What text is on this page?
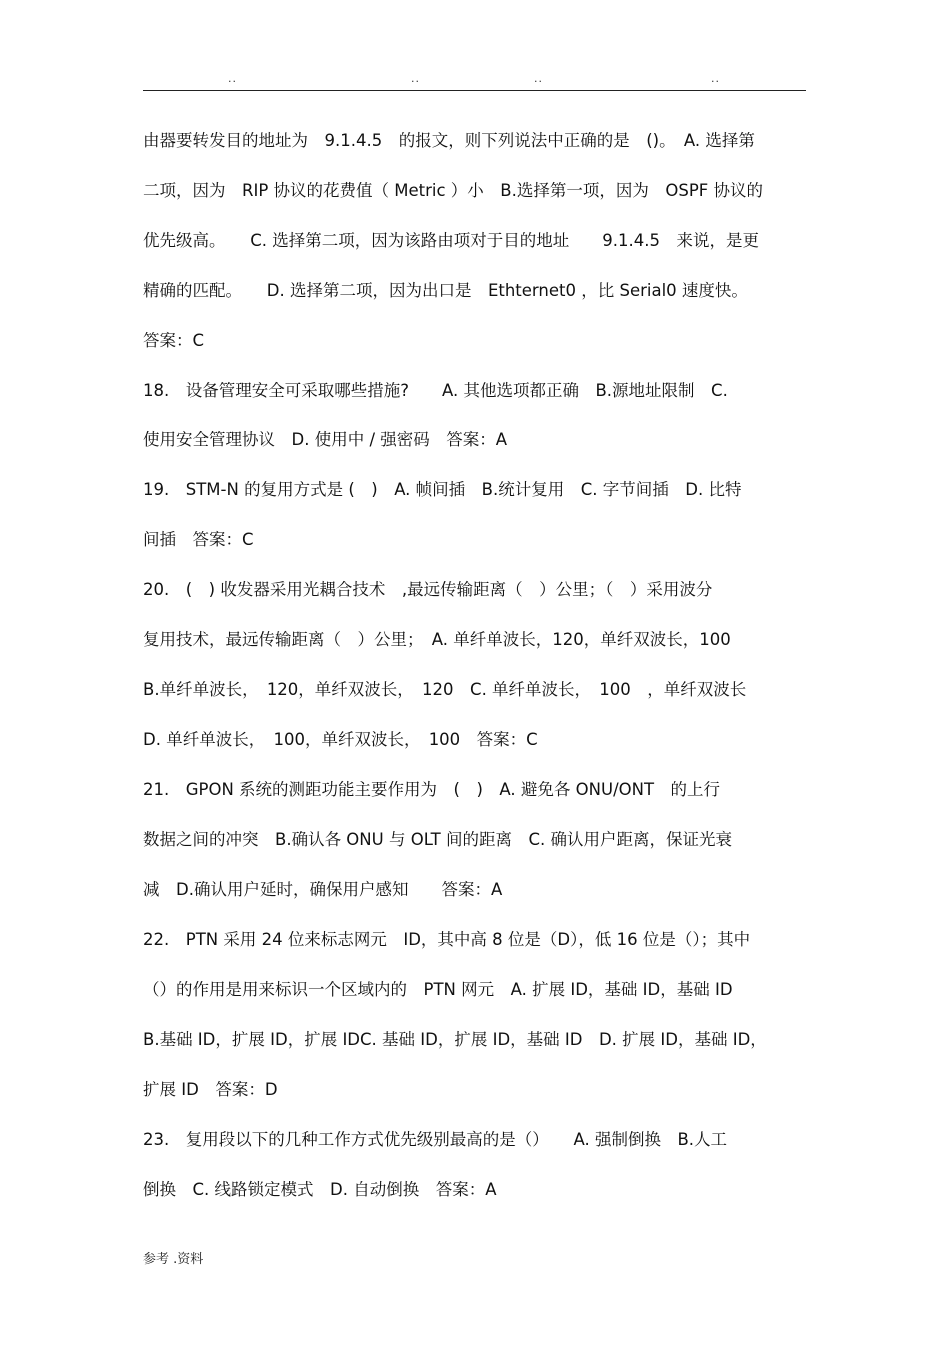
..	..	..	..
由器要转发目的地址为　9.1.4.5　的报文，则下列说法中正确的是　()。　A. 选择第
二项，因为　RIP 协议的花费值（ Metric ）小　B.选择第一项，因为　OSPF 协议的
优先级高。　　C. 选择第二项，因为该路由项对于目的地址　　9.1.4.5　来说，是更
精确的匹配。　　D. 选择第二项，因为出口是　Ethternet0 ，比 Serial0 速度快。
答案：C
18.　设备管理安全可采取哪些措施?　　A. 其他选项都正确　B.源地址限制　C.
使用安全管理协议　D. 使用中 / 强密码　答案：A
19.　STM-N 的复用方式是 (　)　A. 帧间插　B.统计复用　C. 字节间插　D. 比特
间插　答案：C
20.　(　) 收发器采用光耦合技术　,最远传输距离（　）公里；（　）采用波分
复用技术，最远传输距离（　）公里；　A. 单纤单波长，120，单纤双波长，100
B.单纤单波长，　120，单纤双波长，　120　C. 单纤单波长，　100　，单纤双波长
D. 单纤单波长，　100，单纤双波长，　100　答案：C
21.　GPON 系统的测距功能主要作用为　(　)　A. 避免各 ONU/ONT　的上行
数据之间的冲突　B.确认各 ONU 与 OLT 间的距离　C. 确认用户距离，保证光衰
减　D.确认用户延时，确保用户感知　　答案：A
22.　PTN 采用 24 位来标志网元　ID，其中高 8 位是（D），低 16 位是（）；其中
（）的作用是用来标识一个区域内的　PTN 网元　A. 扩展 ID，基础 ID，基础 ID
B.基础 ID，扩展 ID，扩展 IDC. 基础 ID，扩展 ID，基础 ID　D. 扩展 ID，基础 ID，
扩展 ID　答案：D
23.　复用段以下的几种工作方式优先级别最高的是（）　　A. 强制倒换　B.人工
倒换　C. 线路锁定模式　D. 自动倒换　答案：A
参考 .资料
